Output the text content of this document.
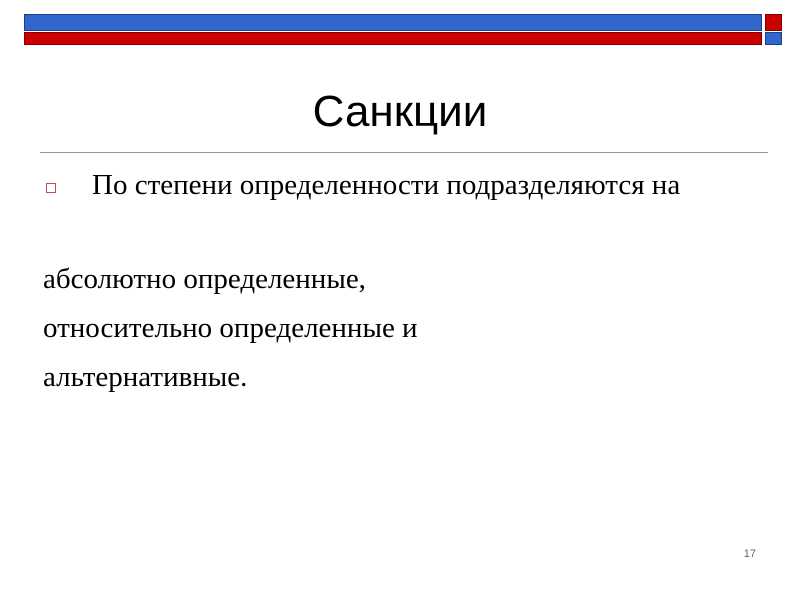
Санкции

По степени определенности подразделяются на

абсолютно определенные,

относительно определенные и

альтернативные.

17
